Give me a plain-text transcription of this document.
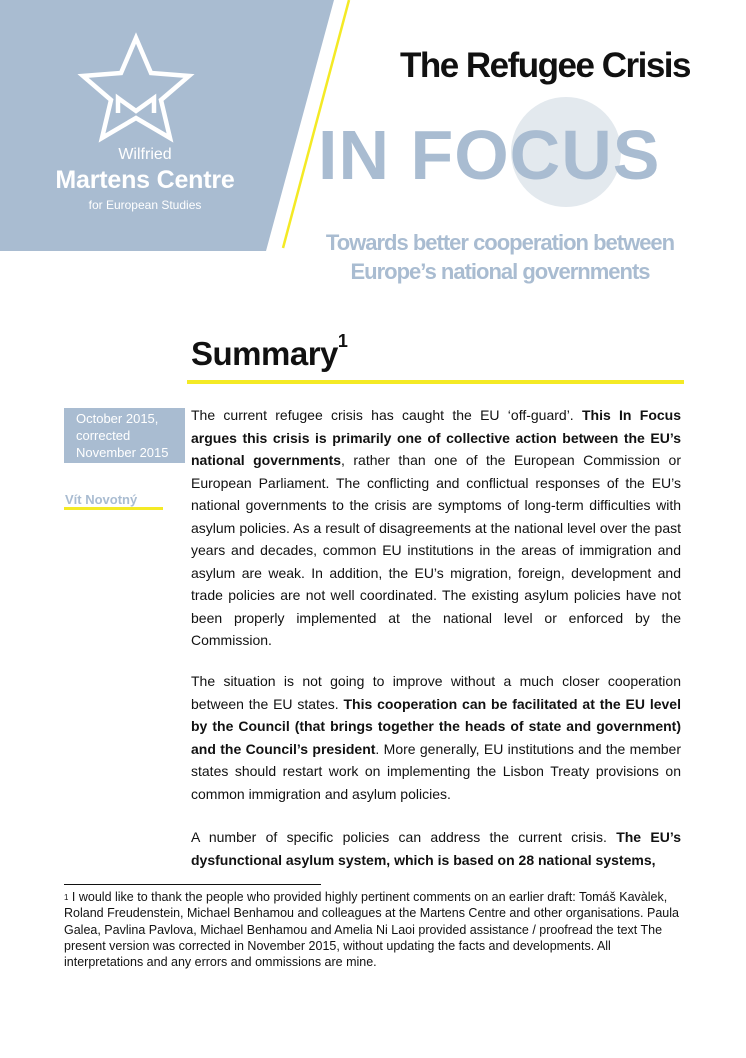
Wilfried
Martens Centre
for European Studies
The Refugee Crisis
IN FOCUS
Towards better cooperation between
Europe’s national governments
Summary$^1$
October 2015,
corrected
November 2015
Vít Novotný

The current refugee crisis has caught the EU ‘off-guard’. This In Focus argues this crisis is primarily one of collective action between the EU’s national governments, rather than one of the European Commission or European Parliament. The conflicting and conflictual responses of the EU’s national governments to the crisis are symptoms of long-term difficulties with asylum policies. As a result of disagreements at the national level over the past years and decades, common EU institutions in the areas of immigration and asylum are weak. In addition, the EU’s migration, foreign, development and trade policies are not well coordinated. The existing asylum policies have not been properly implemented at the national level or enforced by the Commission.

The situation is not going to improve without a much closer cooperation between the EU states. This cooperation can be facilitated at the EU level by the Council (that brings together the heads of state and government) and the Council’s president. More generally, EU institutions and the member states should restart work on implementing the Lisbon Treaty provisions on common immigration and asylum policies.

A number of specific policies can address the current crisis. The EU’s dysfunctional asylum system, which is based on 28 national systems,

$^1$ I would like to thank the people who provided highly pertinent comments on an earlier draft: Tomáš Kavàlek, Roland Freudenstein, Michael Benhamou and colleagues at the Martens Centre and other organisations. Paula Galea, Pavlina Pavlova, Michael Benhamou and Amelia Ni Laoi provided assistance / proofread the text The present version was corrected in November 2015, without updating the facts and developments. All interpretations and any errors and ommissions are mine.
